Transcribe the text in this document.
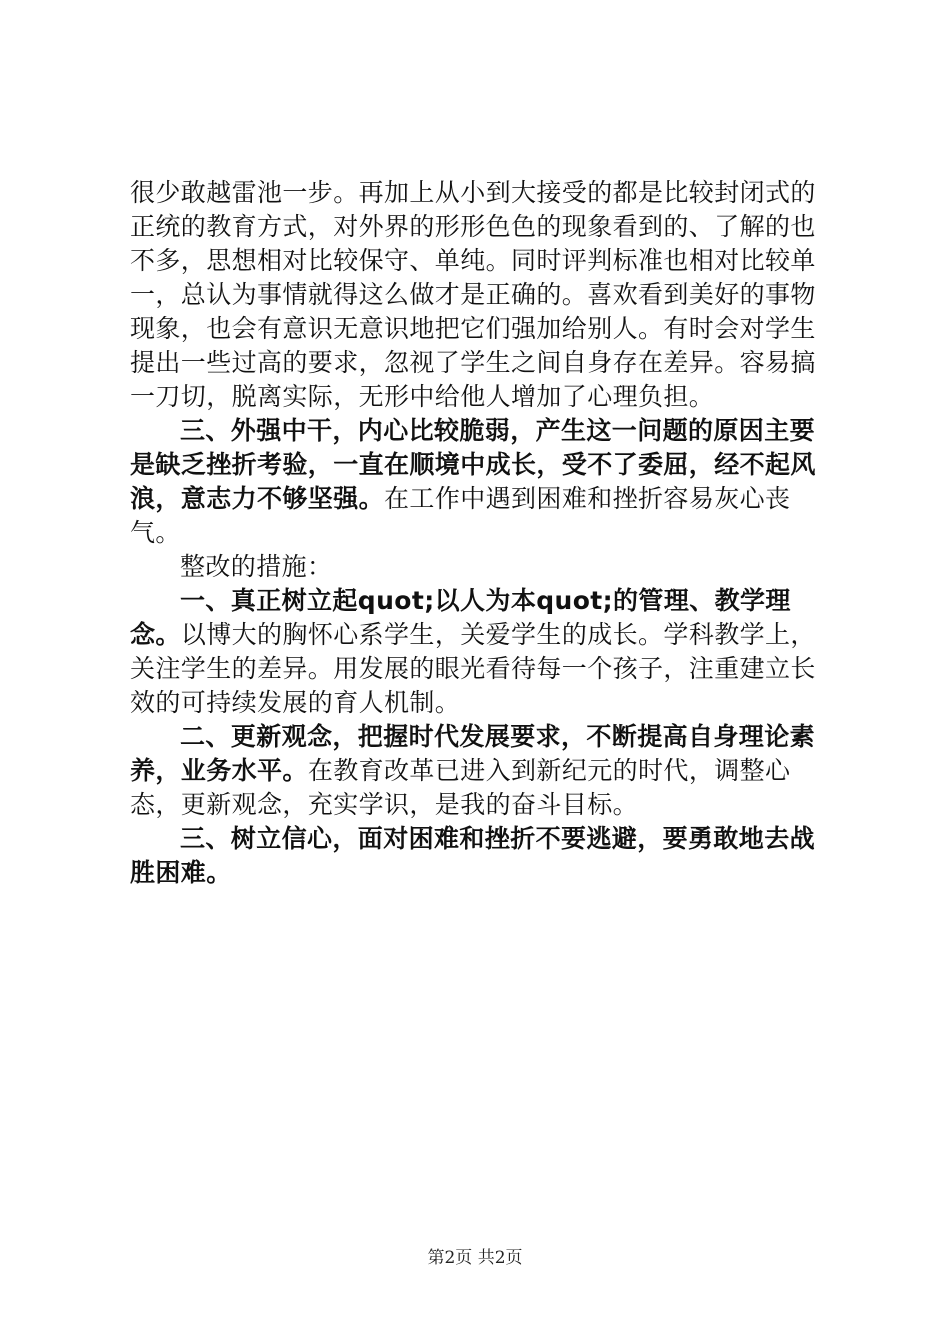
很少敢越雷池一步。再加上从小到大接受的都是比较封闭式的正统的教育方式，对外界的形形色色的现象看到的、了解的也不多，思想相对比较保守、单纯。同时评判标准也相对比较单一，总认为事情就得这么做才是正确的。喜欢看到美好的事物现象，也会有意识无意识地把它们强加给别人。有时会对学生提出一些过高的要求，忽视了学生之间自身存在差异。容易搞一刀切，脱离实际，无形中给他人增加了心理负担。

三、外强中干，内心比较脆弱，产生这一问题的原因主要是缺乏挫折考验，一直在顺境中成长，受不了委屈，经不起风浪，意志力不够坚强。在工作中遇到困难和挫折容易灰心丧气。

整改的措施：

一、真正树立起quot;以人为本quot;的管理、教学理念。以博大的胸怀心系学生，关爱学生的成长。学科教学上，关注学生的差异。用发展的眼光看待每一个孩子，注重建立长效的可持续发展的育人机制。

二、更新观念，把握时代发展要求，不断提高自身理论素养，业务水平。在教育改革已进入到新纪元的时代，调整心态，更新观念，充实学识，是我的奋斗目标。

三、树立信心，面对困难和挫折不要逃避，要勇敢地去战胜困难。

第2页 共2页
